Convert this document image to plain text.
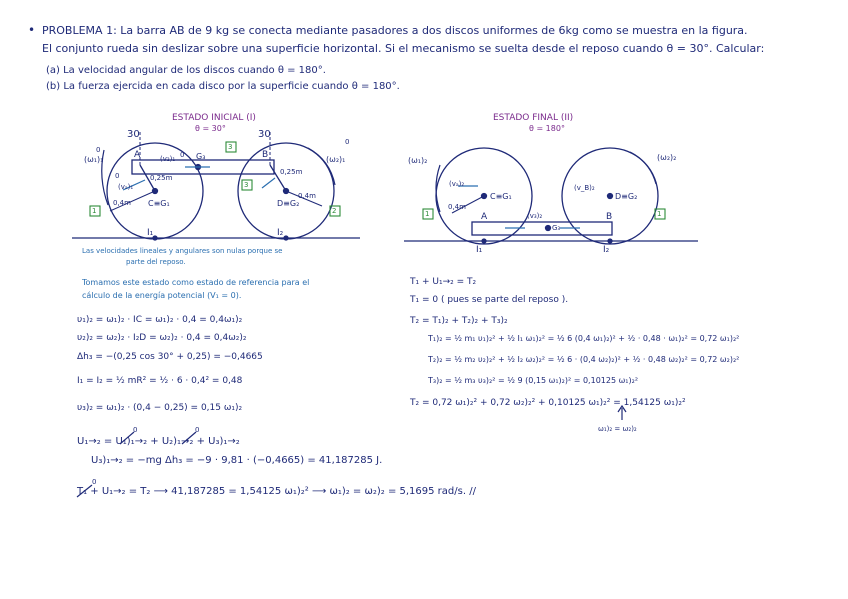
• PROBLEMA 1: La barra AB de 9 kg se conecta mediante pasadores a dos discos uniformes de 6kg como se muestra en la figura.
El conjunto rueda sin deslizar sobre una superficie horizontal. Si el mecanismo se suelta desde el reposo cuando θ = 30°. Calcular:
(a) La velocidad angular de los discos cuando θ = 180°.
(b) La fuerza ejercida en cada disco por la superficie cuando θ = 180°.
ESTADO INICIAL (I)
θ = 30°
30	30
(ω₁)₁	(ω₂)₁
0
0
0
0
A	B
(v₂)₁	G₃
(vₐ)₁
C≡G₁	D≡G₂
0,4m
0,4m
0,25m
0,25m
I₁	I₂
1
3
2
3
Las velocidades lineales y angulares son nulas porque se
parte del reposo.
ESTADO FINAL (II)
θ = 180°
(ω₁)₂	(ω₂)₂
(vₐ)₂	(v_B)₂
(v₃)₂
C≡G₁	D≡G₂
0,4m
A	B
G₃
I₁	I₂
1	1
Tomamos este estado como estado de referencia para el
cálculo de la energía potencial (V₁ = 0).
υ₁)₂ = ω₁)₂ · IC = ω₁)₂ · 0,4 = 0,4ω₁)₂
υ₂)₂ = ω₂)₂ · I₂D = ω₂)₂ · 0,4 = 0,4ω₂)₂
Δh₃ = −(0,25 cos 30° + 0,25) = −0,4665
I₁ = I₂ = ½ mR² = ½ · 6 · 0,4² = 0,48
υ₃)₂ = ω₁)₂ · (0,4 − 0,25) = 0,15 ω₁)₂
U₁→₂ = U₁)₁→₂ + U₂)₁→₂ + U₃)₁→₂
0	0
U₃)₁→₂ = −mg Δh₃ = −9 · 9,81 · (−0,4665) = 41,187285 J.
T₁ + U₁→₂ = T₂ ⟶ 41,187285 = 1,54125 ω₁)₂² ⟶ ω₁)₂ = ω₂)₂ = 5,1695 rad/s. //
0
T₁ + U₁→₂ = T₂
T₁ = 0 ( pues se parte del reposo ).
T₂ = T₁)₂ + T₂)₂ + T₃)₂
T₁)₂ = ½ m₁ υ₁)₂² + ½ I₁ ω₁)₂² = ½ 6 (0,4 ω₁)₂)² + ½ · 0,48 · ω₁)₂² = 0,72 ω₁)₂²
T₂)₂ = ½ m₂ υ₂)₂² + ½ I₂ ω₂)₂² = ½ 6 · (0,4 ω₂)₂)² + ½ · 0,48 ω₂)₂² = 0,72 ω₂)₂²
T₃)₂ = ½ m₃ υ₃)₂² = ½ 9 (0,15 ω₁)₂)² = 0,10125 ω₁)₂²
T₂ = 0,72 ω₁)₂² + 0,72 ω₂)₂² + 0,10125 ω₁)₂² = 1,54125 ω₁)₂²
ω₁)₂ = ω₂)₂
